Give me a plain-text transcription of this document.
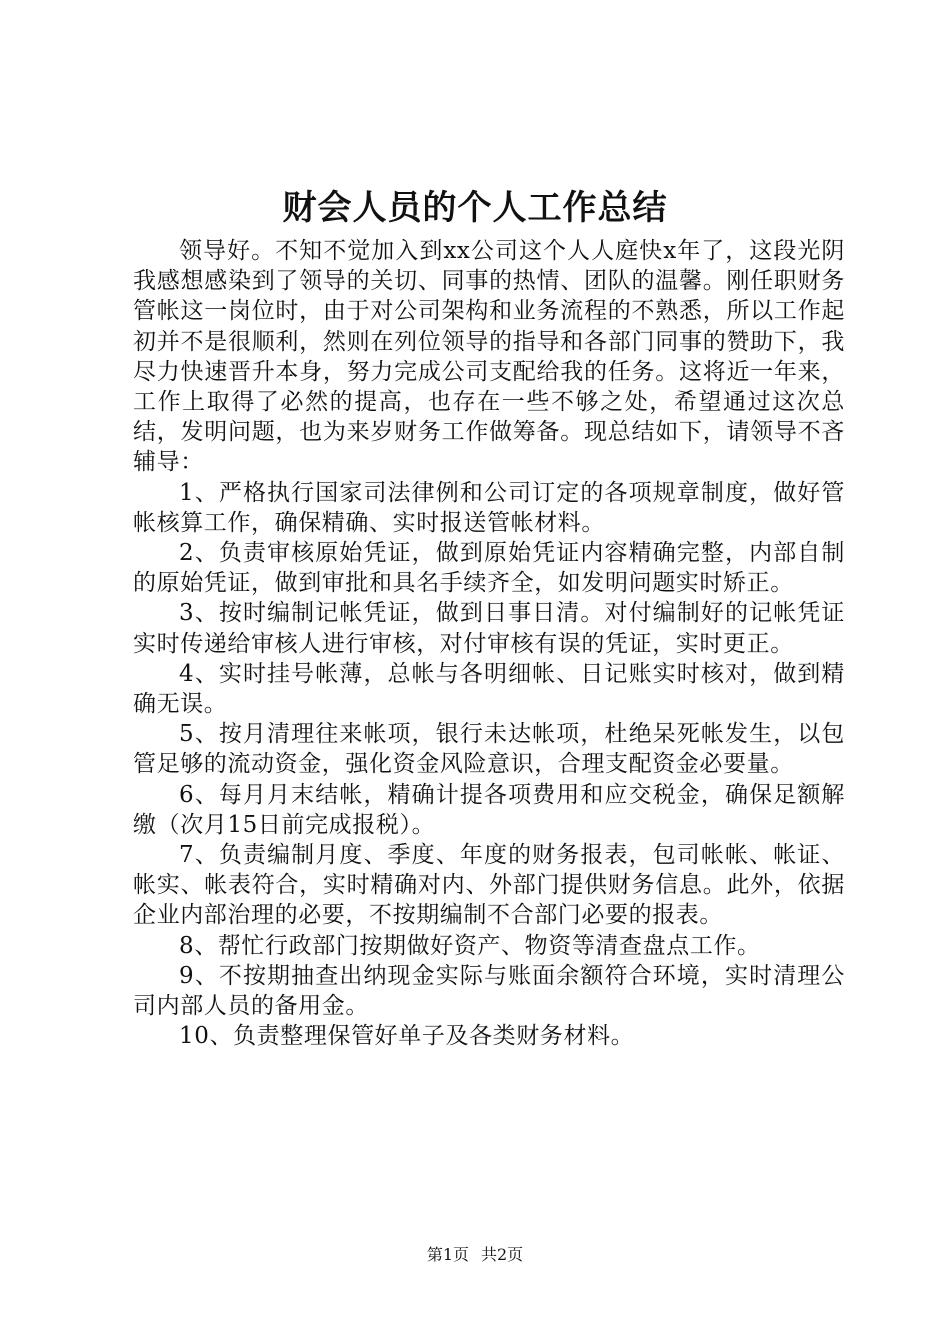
财会人员的个人工作总结

领导好。不知不觉加入到xx公司这个人人庭快x年了，这段光阴我感想感染到了领导的关切、同事的热情、团队的温馨。刚任职财务管帐这一岗位时，由于对公司架构和业务流程的不熟悉，所以工作起初并不是很顺利，然则在列位领导的指导和各部门同事的赞助下，我尽力快速晋升本身，努力完成公司支配给我的任务。这将近一年来，工作上取得了必然的提高，也存在一些不够之处，希望通过这次总结，发明问题，也为来岁财务工作做筹备。现总结如下，请领导不吝辅导：

1、严格执行国家司法律例和公司订定的各项规章制度，做好管帐核算工作，确保精确、实时报送管帐材料。

2、负责审核原始凭证，做到原始凭证内容精确完整，内部自制的原始凭证，做到审批和具名手续齐全，如发明问题实时矫正。

3、按时编制记帐凭证，做到日事日清。对付编制好的记帐凭证实时传递给审核人进行审核，对付审核有误的凭证，实时更正。

4、实时挂号帐薄，总帐与各明细帐、日记账实时核对，做到精确无误。

5、按月清理往来帐项，银行未达帐项，杜绝呆死帐发生，以包管足够的流动资金，强化资金风险意识，合理支配资金必要量。

6、每月月末结帐，精确计提各项费用和应交税金，确保足额解缴（次月15日前完成报税）。

7、负责编制月度、季度、年度的财务报表，包司帐帐、帐证、帐实、帐表符合，实时精确对内、外部门提供财务信息。此外，依据企业内部治理的必要，不按期编制不合部门必要的报表。

8、帮忙行政部门按期做好资产、物资等清查盘点工作。

9、不按期抽查出纳现金实际与账面余额符合环境，实时清理公司内部人员的备用金。

10、负责整理保管好单子及各类财务材料。

第1页 共2页
